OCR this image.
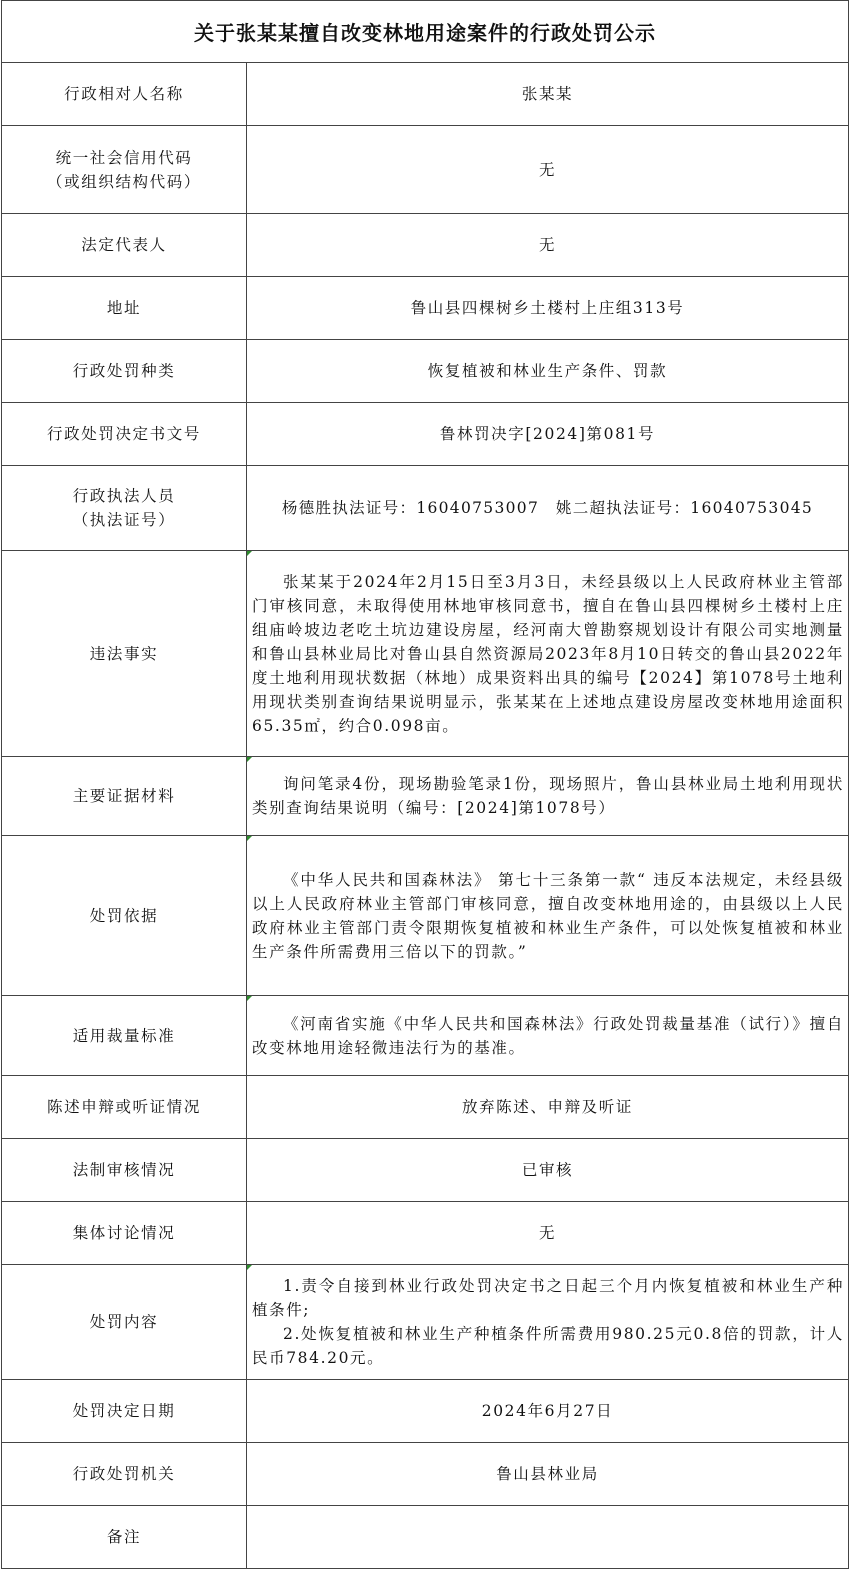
关于张某某擅自改变林地用途案件的行政处罚公示
行政相对人名称	张某某

统一社会信用代码
（或组织结构代码）	无
法定代表人	无
地址	鲁山县四棵树乡土楼村上庄组313号
行政处罚种类	恢复植被和林业生产条件、罚款
行政处罚决定书文号	鲁林罚决字[2024]第081号

行政执法人员
（执法证号）	杨德胜执法证号：16040753007　姚二超执法证号：16040753045
违法事实	张某某于2024年2月15日至3月3日，未经县级以上人民政府林业主管部门审核同意，未取得使用林地审核同意书，擅自在鲁山县四棵树乡土楼村上庄组庙岭坡边老吃土坑边建设房屋，经河南大曾勘察规划设计有限公司实地测量和鲁山县林业局比对鲁山县自然资源局2023年8月10日转交的鲁山县2022年度土地利用现状数据（林地）成果资料出具的编号【2024】第1078号土地利用现状类别查询结果说明显示，张某某在上述地点建设房屋改变林地用途面积65.35㎡，约合0.098亩。

主要证据材料	询问笔录4份，现场勘验笔录1份，现场照片，鲁山县林业局土地利用现状类别查询结果说明（编号：[2024]第1078号）

处罚依据	《中华人民共和国森林法》 第七十三条第一款“ 违反本法规定，未经县级以上人民政府林业主管部门审核同意，擅自改变林地用途的，由县级以上人民政府林业主管部门责令限期恢复植被和林业生产条件，可以处恢复植被和林业生产条件所需费用三倍以下的罚款。”

适用裁量标准	《河南省实施《中华人民共和国森林法》行政处罚裁量基准（试行）》擅自改变林地用途轻微违法行为的基准。

陈述申辩或听证情况	放弃陈述、申辩及听证
法制审核情况	已审核
集体讨论情况	无
处罚内容	1.责令自接到林业行政处罚决定书之日起三个月内恢复植被和林业生产种植条件;
2.处恢复植被和林业生产种植条件所需费用980.25元0.8倍的罚款，计人民币784.20元。

处罚决定日期	2024年6月27日
行政处罚机关	鲁山县林业局
备注	
